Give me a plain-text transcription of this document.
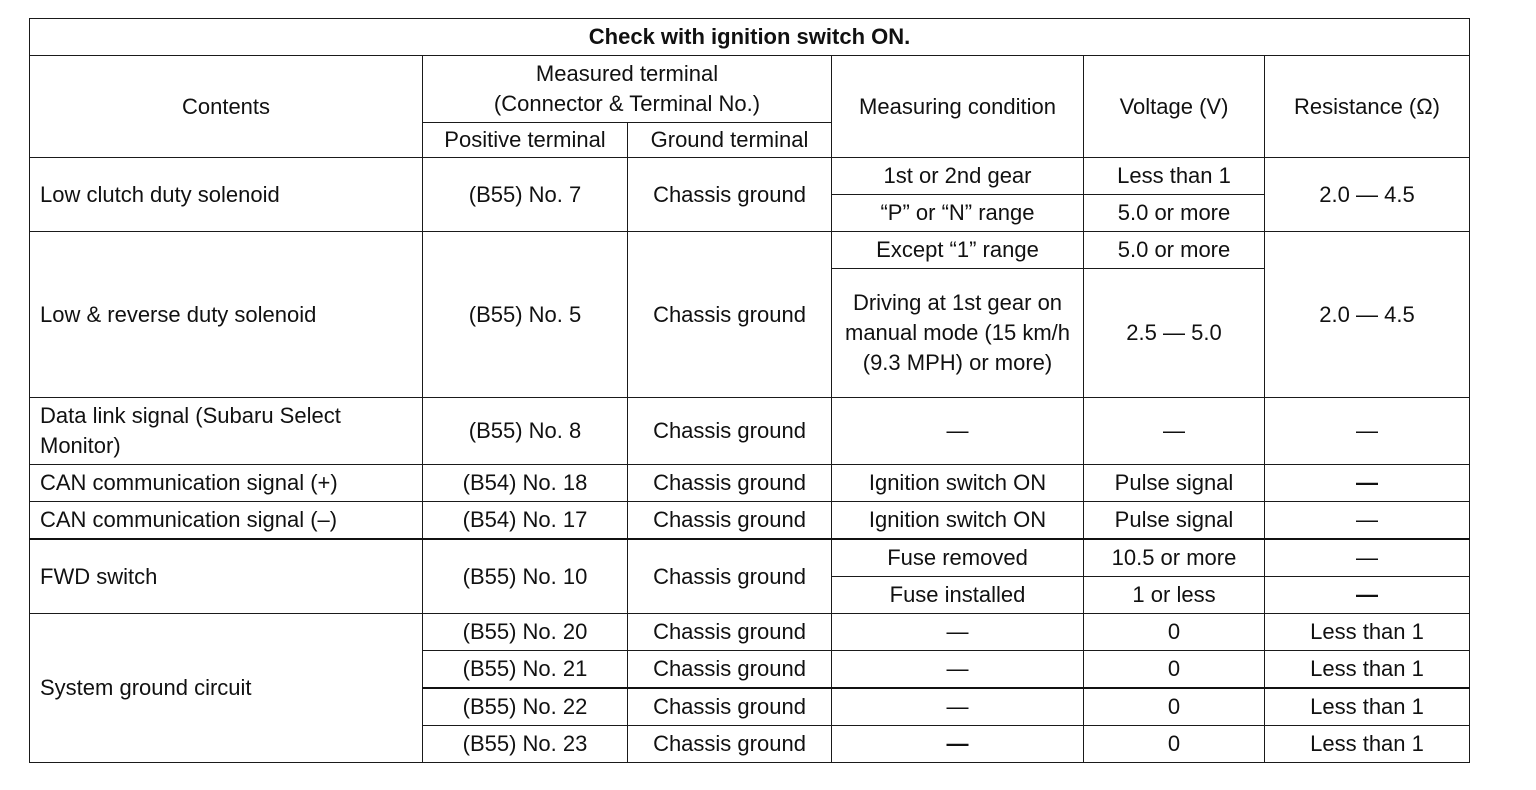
Check with ignition switch ON.					
Contents	Measured terminal
(Connector & Terminal No.)		Measuring condition	Voltage (V)	Resistance (Ω)
	Positive terminal	Ground terminal			
Low clutch duty solenoid	(B55) No. 7	Chassis ground	1st or 2nd gear	Less than 1	2.0 — 4.5
			“P” or “N” range	5.0 or more	
Low & reverse duty solenoid	(B55) No. 5	Chassis ground	Except “1” range	5.0 or more	2.0 — 4.5
			Driving at 1st gear on manual mode (15 km/h (9.3 MPH) or more)	2.5 — 5.0	
Data link signal (Subaru Select Monitor)	(B55) No. 8	Chassis ground	—	—	—
CAN communication signal (+)	(B54) No. 18	Chassis ground	Ignition switch ON	Pulse signal	—
CAN communication signal (–)	(B54) No. 17	Chassis ground	Ignition switch ON	Pulse signal	—
FWD switch	(B55) No. 10	Chassis ground	Fuse removed	10.5 or more	—
			Fuse installed	1 or less	—
System ground circuit	(B55) No. 20	Chassis ground	—	0	Less than 1
	(B55) No. 21	Chassis ground	—	0	Less than 1
	(B55) No. 22	Chassis ground	—	0	Less than 1
	(B55) No. 23	Chassis ground	—	0	Less than 1
